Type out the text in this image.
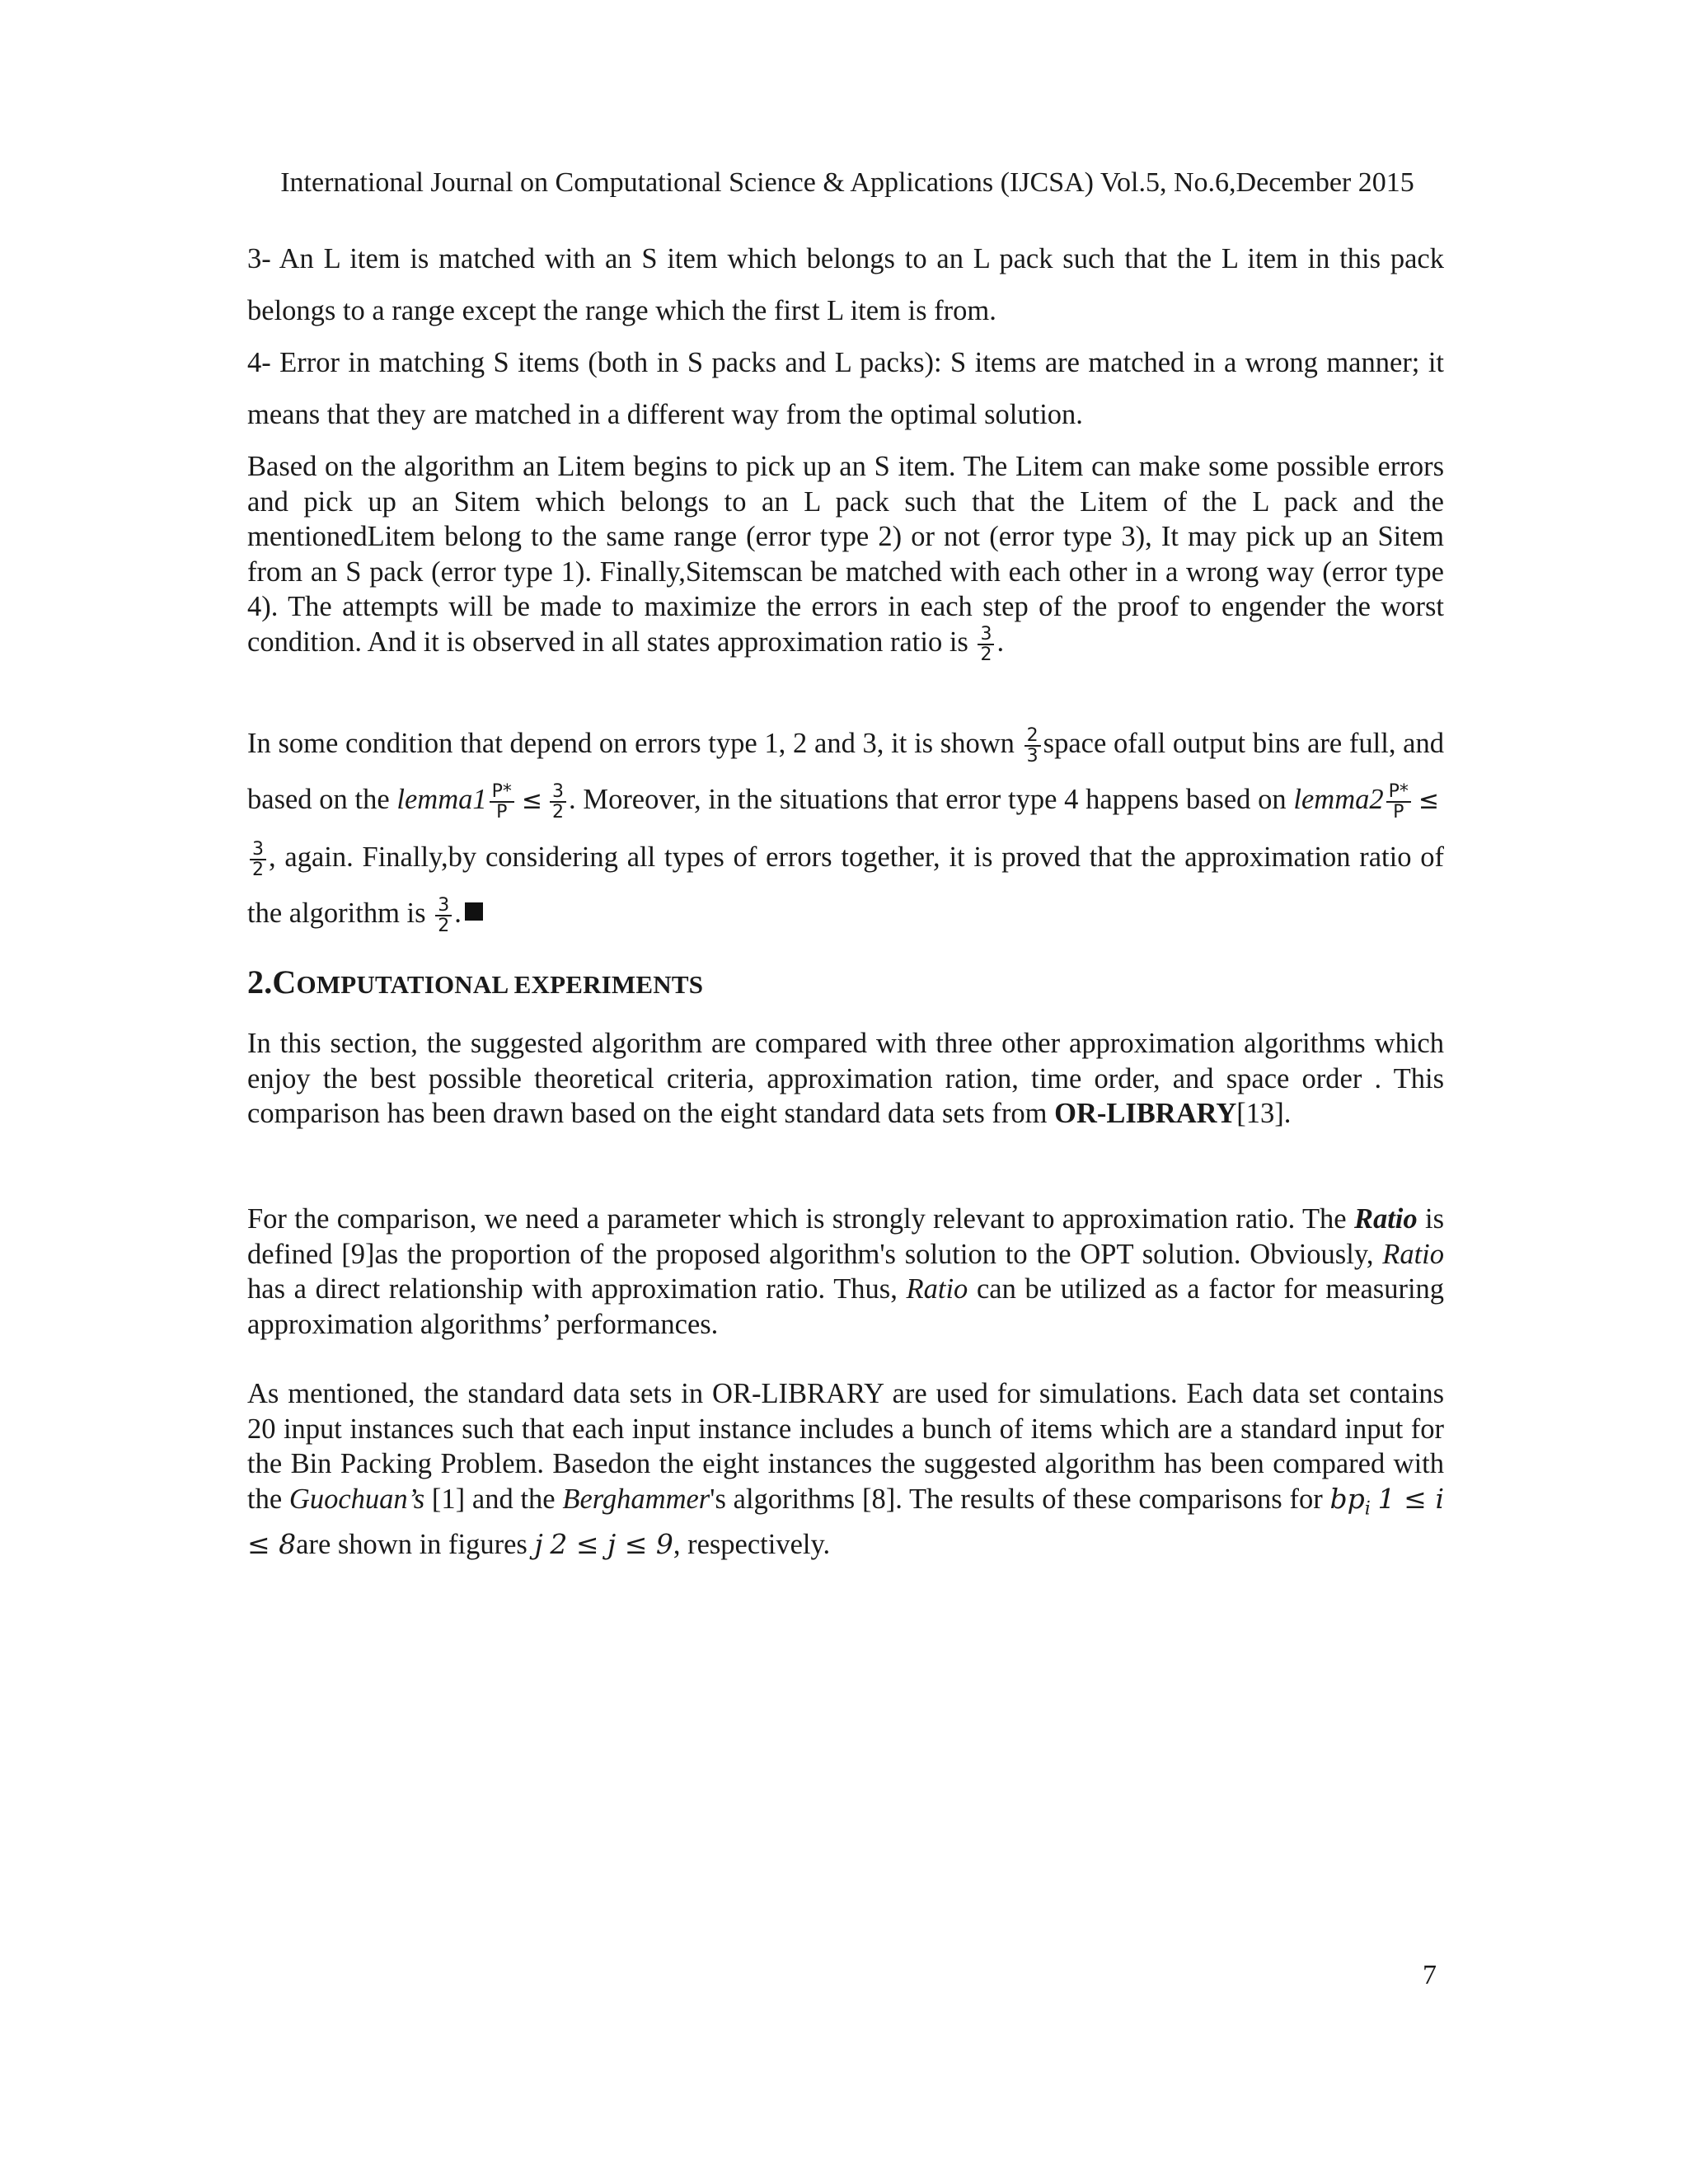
International Journal on Computational Science & Applications (IJCSA) Vol.5, No.6,December 2015

3- An L item is matched with an S item which belongs to an L pack such that the L item in this pack belongs to a range except the range which the first L item is from.

4- Error in matching S items (both in S packs and L packs): S items are matched in a wrong manner; it means that they are matched in a different way from the optimal solution.

Based on the algorithm an Litem begins to pick up an S item. The Litem can make some possible errors and pick up an Sitem which belongs to an L pack such that the Litem of the L pack and the mentionedLitem belong to the same range (error type 2) or not (error type 3), It may pick up an Sitem from an S pack (error type 1). Finally,Sitemscan be matched with each other in a wrong way (error type 4). The attempts will be made to maximize the errors in each step of the proof to engender the worst condition. And it is observed in all states approximation ratio is $\frac{3}{2}$ .

In some condition that depend on errors type 1, 2 and 3, it is shown $\frac{2}{3}$ space ofall output bins are full, and based on the lemma1 $\frac{P*}{P} \le \frac{3}{2}$ . Moreover, in the situations that error type 4 happens based on lemma2 $\frac{P*}{P}$ ≤
$\frac{3}{2}$ , again. Finally,by considering all types of errors together, it is proved that the approximation ratio of the algorithm is $\frac{3}{2}$ .

2.COMPUTATIONAL EXPERIMENTS

In this section, the suggested algorithm are compared with three other approximation algorithms which enjoy the best possible theoretical criteria, approximation ration, time order, and space order . This comparison has been drawn based on the eight standard data sets from OR-LIBRARY[13].

For the comparison, we need a parameter which is strongly relevant to approximation ratio. The Ratio is defined [9]as the proportion of the proposed algorithm's solution to the OPT solution. Obviously, Ratio has a direct relationship with approximation ratio. Thus, Ratio can be utilized as a factor for measuring approximation algorithms’ performances.

As mentioned, the standard data sets in OR-LIBRARY are used for simulations. Each data set contains 20 input instances such that each input instance includes a bunch of items which are a standard input for the Bin Packing Problem. Basedon the eight instances the suggested algorithm has been compared with the Guochuan’s [1] and the Berghammer's algorithms [8]. The results of these comparisons for $bp_i$ 1 ≤ i ≤ 8are shown in figures j 2 ≤ j ≤ 9, respectively.

7
